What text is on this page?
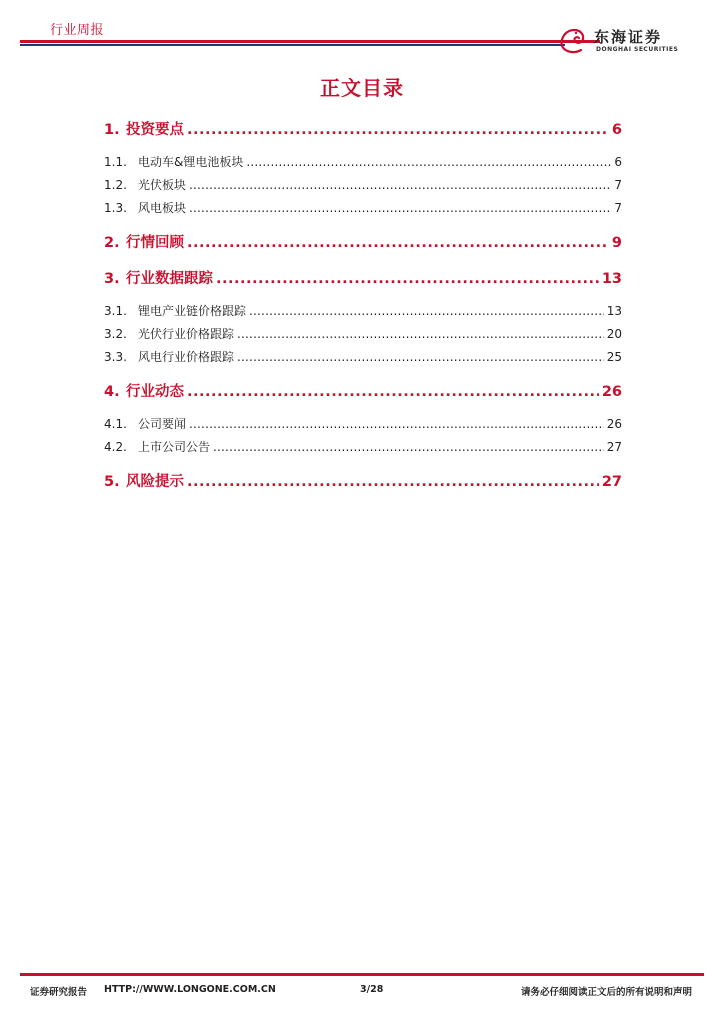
行业周报	东海证券
DONGHAI SECURITIES
正文目录
1. 投资要点 .....	6
1.1. 电动车&锂电池板块 .....	6
1.2. 光伏板块 .....	7
1.3. 风电板块 .....	7
2. 行情回顾 .....	9
3. 行业数据跟踪 .....	13
3.1. 锂电产业链价格跟踪 .....	13
3.2. 光伏行业价格跟踪 .....	20
3.3. 风电行业价格跟踪 .....	25
4. 行业动态 .....	26
4.1. 公司要闻 .....	26
4.2. 上市公司公告 .....	27
5. 风险提示 .....	27
证券研究报告 HTTP://WWW.LONGONE.COM.CN	3/28	请务必仔细阅读正文后的所有说明和声明
